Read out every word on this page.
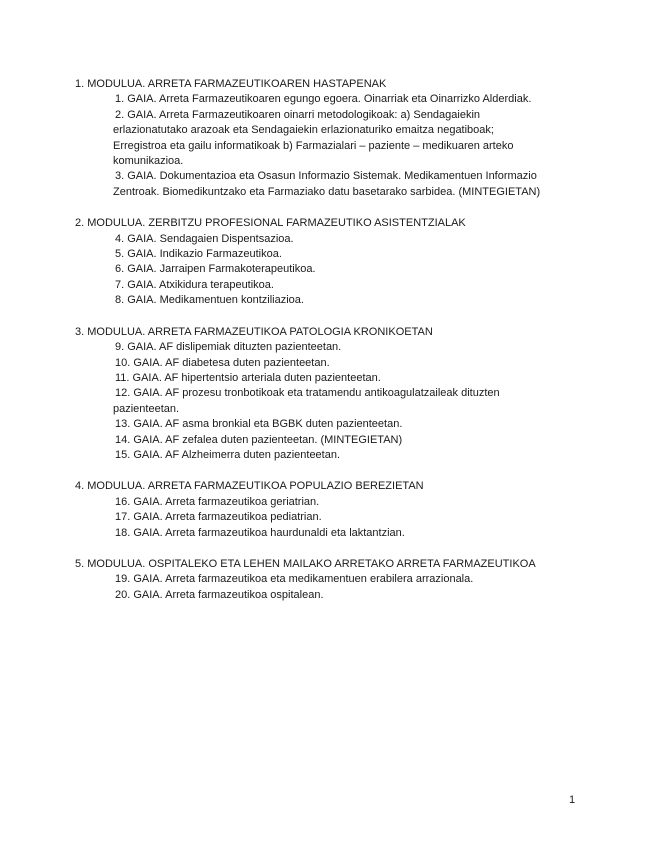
1. MODULUA. ARRETA FARMAZEUTIKOAREN HASTAPENAK
1. GAIA. Arreta Farmazeutikoaren egungo egoera. Oinarriak eta Oinarrizko Alderdiak.
2. GAIA. Arreta Farmazeutikoaren oinarri metodologikoak: a) Sendagaiekin
erlazionatutako arazoak eta Sendagaiekin erlazionaturiko emaitza negatiboak;
Erregistroa eta gailu informatikoak b) Farmazialari – paziente – medikuaren arteko
komunikazioa.
3. GAIA. Dokumentazioa eta Osasun Informazio Sistemak. Medikamentuen Informazio
Zentroak. Biomedikuntzako eta Farmaziako datu basetarako sarbidea. (MINTEGIETAN)
2. MODULUA. ZERBITZU PROFESIONAL FARMAZEUTIKO ASISTENTZIALAK
4. GAIA. Sendagaien Dispentsazioa.
5. GAIA. Indikazio Farmazeutikoa.
6. GAIA. Jarraipen Farmakoterapeutikoa.
7. GAIA. Atxikidura terapeutikoa.
8. GAIA. Medikamentuen kontziliazioa.
3. MODULUA. ARRETA FARMAZEUTIKOA PATOLOGIA KRONIKOETAN
9. GAIA. AF dislipemiak dituzten pazienteetan.
10. GAIA. AF diabetesa duten pazienteetan.
11. GAIA. AF hipertentsio arteriala duten pazienteetan.
12. GAIA. AF prozesu tronbotikoak eta tratamendu antikoagulatzaileak dituzten
pazienteetan.
13. GAIA. AF asma bronkial eta BGBK duten pazienteetan.
14. GAIA. AF zefalea duten pazienteetan. (MINTEGIETAN)
15. GAIA. AF Alzheimerra duten pazienteetan.
4. MODULUA. ARRETA FARMAZEUTIKOA POPULAZIO BEREZIETAN
16. GAIA. Arreta farmazeutikoa geriatrian.
17. GAIA. Arreta farmazeutikoa pediatrian.
18. GAIA. Arreta farmazeutikoa haurdunaldi eta laktantzian.
5. MODULUA. OSPITALEKO ETA LEHEN MAILAKO ARRETAKO ARRETA FARMAZEUTIKOA
19. GAIA. Arreta farmazeutikoa eta medikamentuen erabilera arrazionala.
20. GAIA. Arreta farmazeutikoa ospitalean.
1
